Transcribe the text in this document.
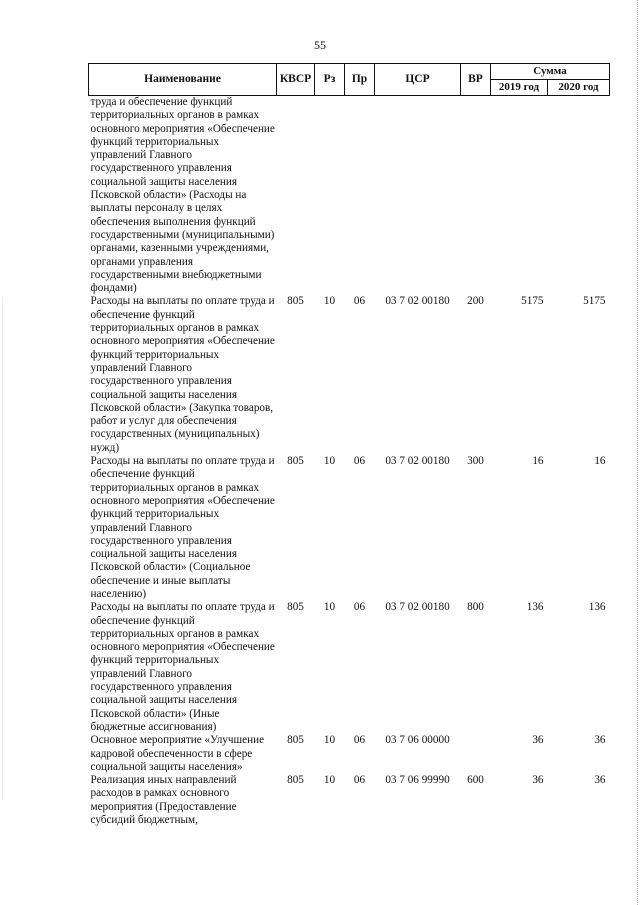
55
Наименование	КВСР	Рз	Пр	ЦСР	ВР	Сумма	
						2019 год	2020 год
труда и обеспечение функций территориальных органов в рамках основного мероприятия «Обеспечение функций территориальных управлений Главного государственного управления социальной защиты населения Псковской области» (Расходы на выплаты персоналу в целях обеспечения выполнения функций государственными (муниципальными) органами, казенными учреждениями, органами управления государственными внебюджетными фондами)							
Расходы на выплаты по оплате труда и обеспечение функций территориальных органов в рамках основного мероприятия «Обеспечение функций территориальных управлений Главного государственного управления социальной защиты населения Псковской области» (Закупка товаров, работ и услуг для обеспечения государственных (муниципальных) нужд)	805	10	06	03 7 02 00180	200	5175	5175
Расходы на выплаты по оплате труда и обеспечение функций территориальных органов в рамках основного мероприятия «Обеспечение функций территориальных управлений Главного государственного управления социальной защиты населения Псковской области» (Социальное обеспечение и иные выплаты населению)	805	10	06	03 7 02 00180	300	16	16
Расходы на выплаты по оплате труда и обеспечение функций территориальных органов в рамках основного мероприятия «Обеспечение функций территориальных управлений Главного государственного управления социальной защиты населения Псковской области» (Иные бюджетные ассигнования)	805	10	06	03 7 02 00180	800	136	136
Основное мероприятие «Улучшение кадровой обеспеченности в сфере социальной защиты населения»	805	10	06	03 7 06 00000		36	36
Реализация иных направлений расходов в рамках основного мероприятия (Предоставление субсидий бюджетным,	805	10	06	03 7 06 99990	600	36	36
